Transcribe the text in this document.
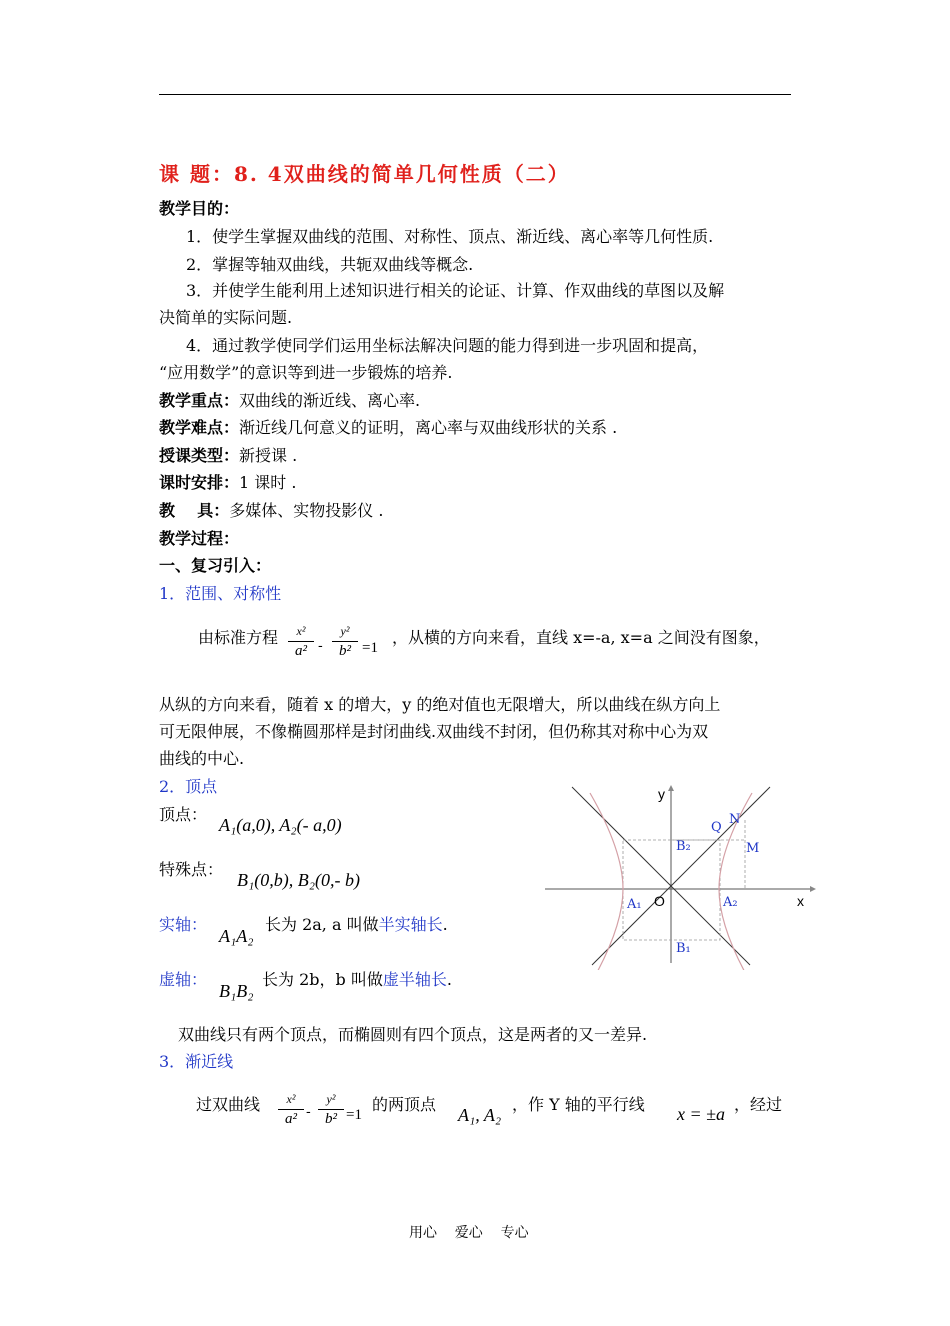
课 题：8. 4双曲线的简单几何性质（二）
教学目的：
1．使学生掌握双曲线的范围、对称性、顶点、渐近线、离心率等几何性质.
2．掌握等轴双曲线，共轭双曲线等概念.
3．并使学生能利用上述知识进行相关的论证、计算、作双曲线的草图以及解
决简单的实际问题.
4．通过教学使同学们运用坐标法解决问题的能力得到进一步巩固和提高，
“应用数学”的意识等到进一步锻炼的培养.
教学重点：双曲线的渐近线、离心率.
教学难点：渐近线几何意义的证明，离心率与双曲线形状的关系 .
授课类型：新授课 .
课时安排：1 课时 .
教    具：多媒体、实物投影仪 .
教学过程：
一、复习引入：
1．范围、对称性
由标准方程	x²
a² -
y²
b² =1
，从横的方向来看，直线 x=-a, x=a 之间没有图象，
从纵的方向来看，随着 x 的增大，y 的绝对值也无限增大，所以曲线在纵方向上
可无限伸展，不像椭圆那样是封闭曲线.双曲线不封闭，但仍称其对称中心为双
曲线的中心.
2．顶点
顶点：
A₁(a,0), A₂(- a,0)
特殊点：
B₁(0,b), B₂(0,- b)
实轴：
A₁A₂
长为 2a, a 叫做半实轴长.
虚轴：
B₁B₂
长为 2b，b 叫做虚半轴长.
双曲线只有两个顶点，而椭圆则有四个顶点，这是两者的又一差异.
3．渐近线
过双曲线	x²
a² -
y²
b² =1
的两顶点
A₁, A₂
，作 Y 轴的平行线 x = ±a ，经过
y
x
O
A₁	A₂
B₂
B₁
Q
N
M
用心    爱心    专心
